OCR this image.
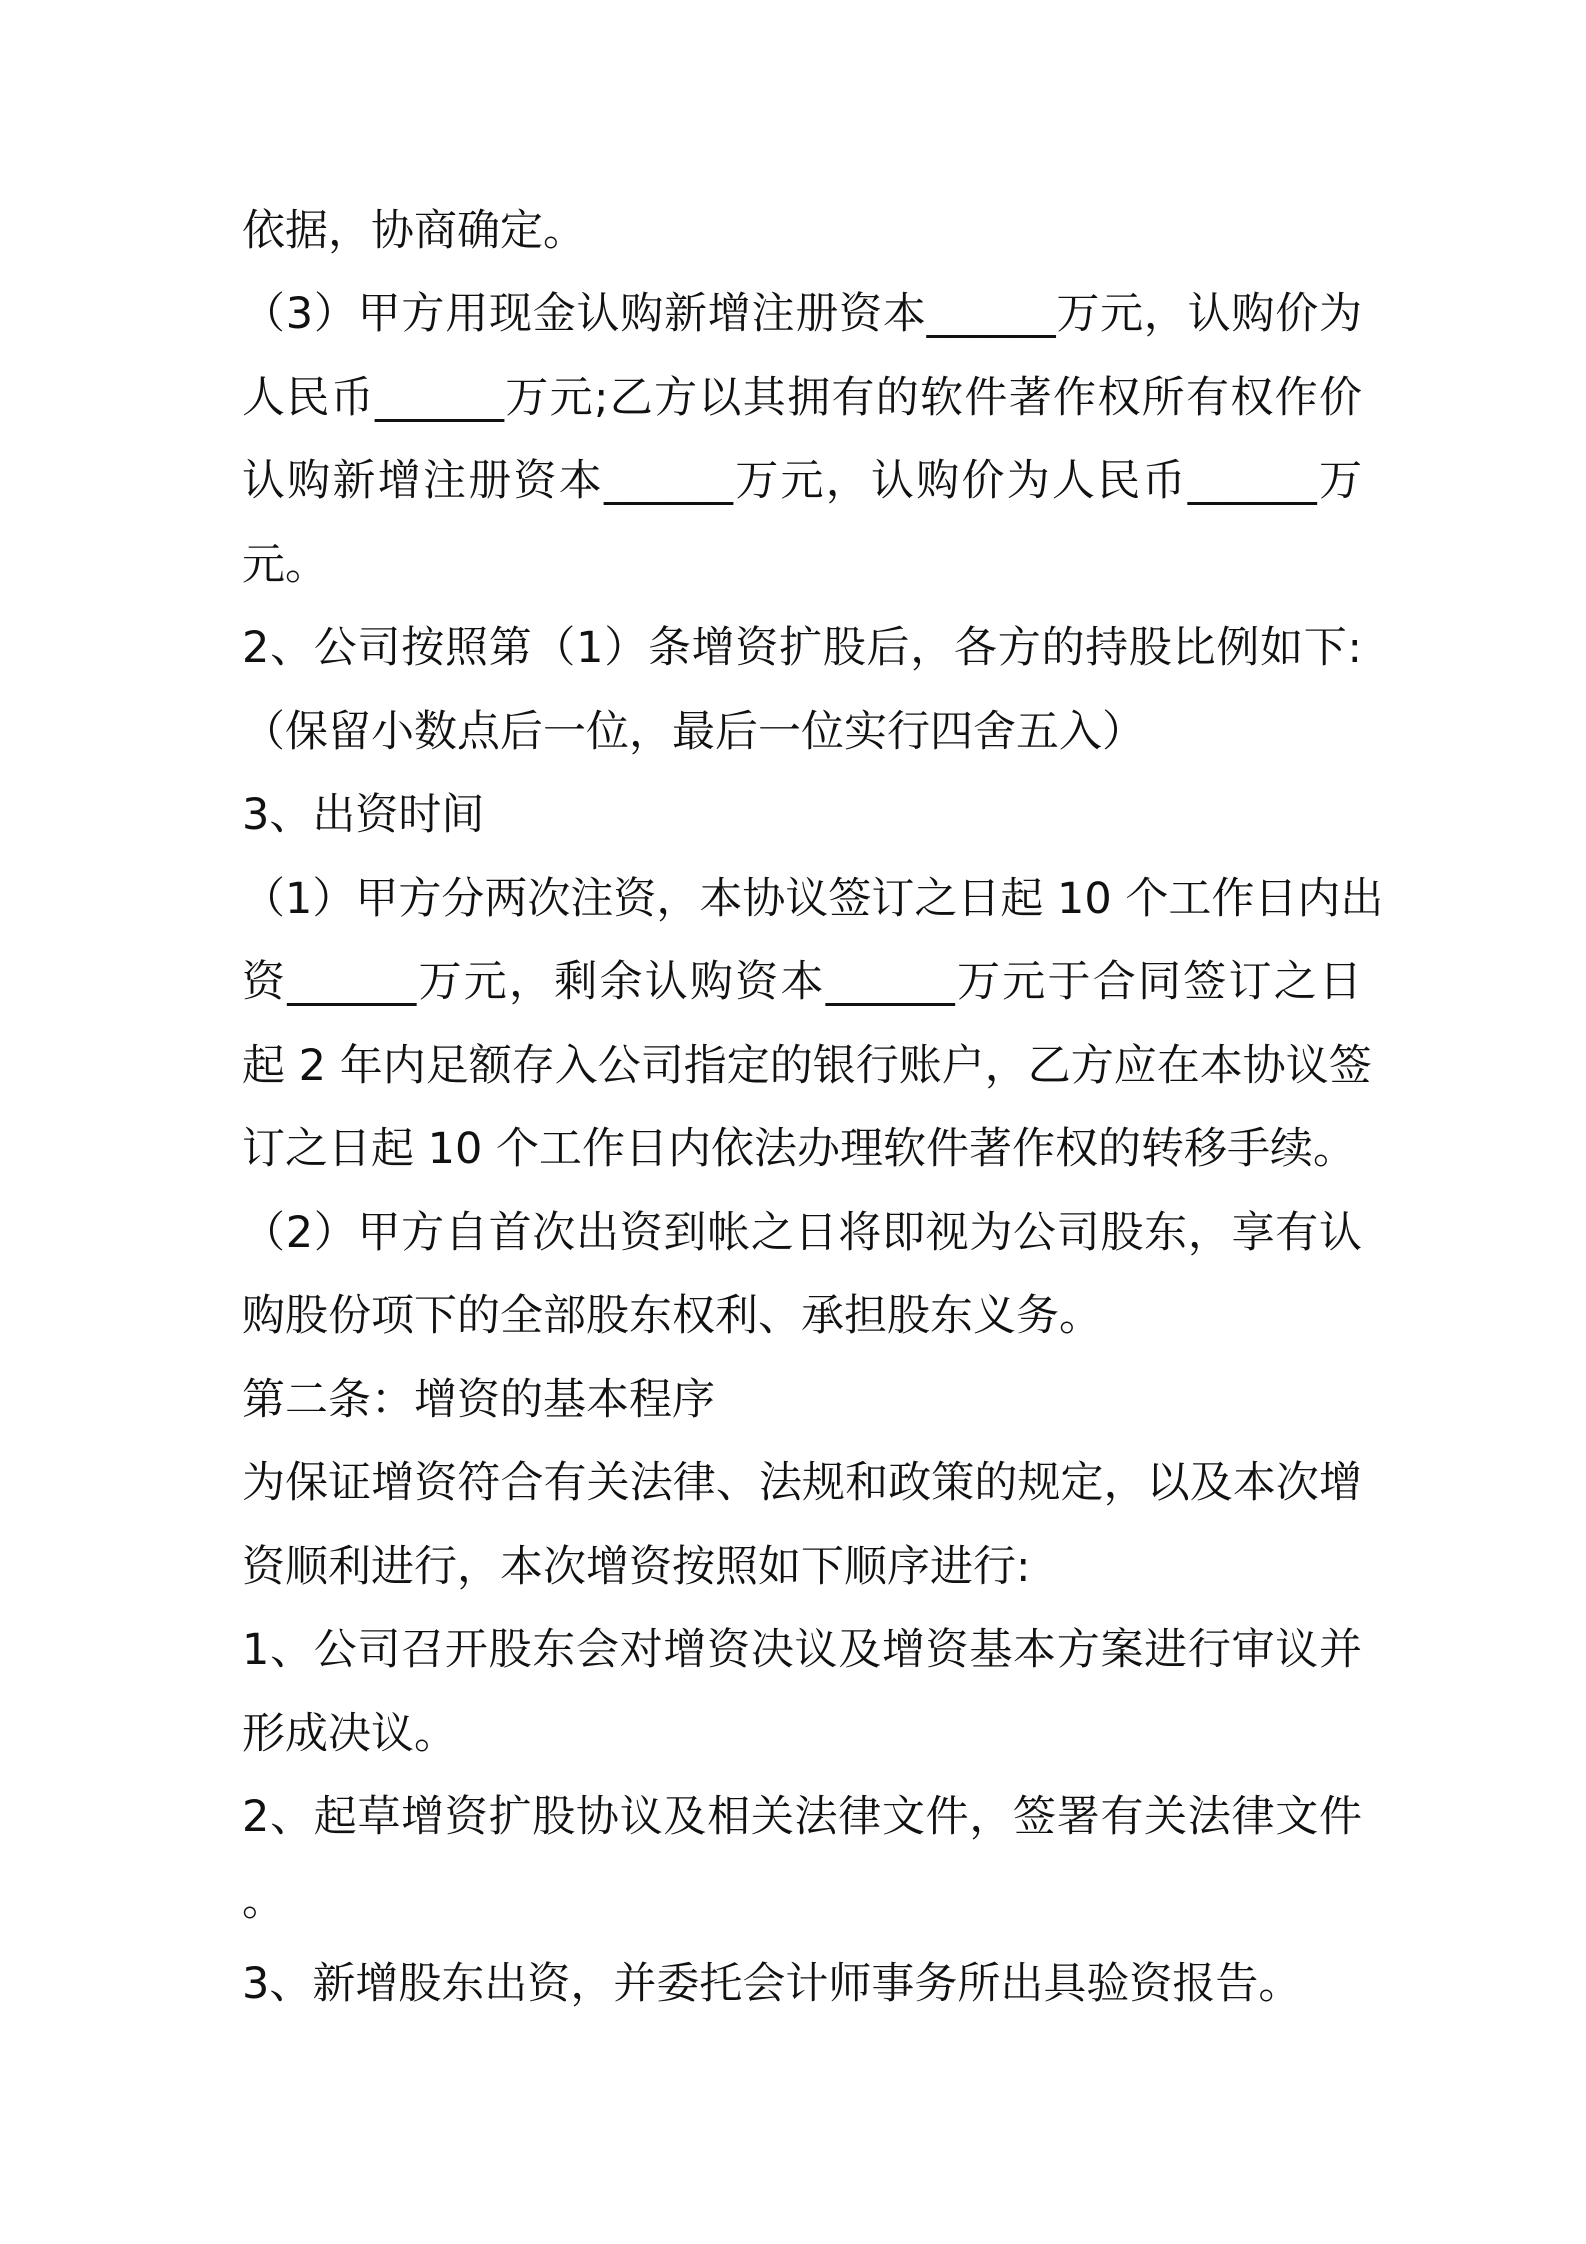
依据，协商确定。
（3）甲方用现金认购新增注册资本______万元，认购价为
人民币______万元;乙方以其拥有的软件著作权所有权作价
认购新增注册资本______万元，认购价为人民币______万
元。
2、公司按照第（1）条增资扩股后，各方的持股比例如下:
（保留小数点后一位，最后一位实行四舍五入）
3、出资时间
（1）甲方分两次注资，本协议签订之日起 10 个工作日内出
资______万元，剩余认购资本______万元于合同签订之日
起 2 年内足额存入公司指定的银行账户，乙方应在本协议签
订之日起 10 个工作日内依法办理软件著作权的转移手续。
（2）甲方自首次出资到帐之日将即视为公司股东，享有认
购股份项下的全部股东权利、承担股东义务。
第二条：增资的基本程序
为保证增资符合有关法律、法规和政策的规定，以及本次增
资顺利进行，本次增资按照如下顺序进行:
1、公司召开股东会对增资决议及增资基本方案进行审议并
形成决议。
2、起草增资扩股协议及相关法律文件，签署有关法律文件
。
3、新增股东出资，并委托会计师事务所出具验资报告。
